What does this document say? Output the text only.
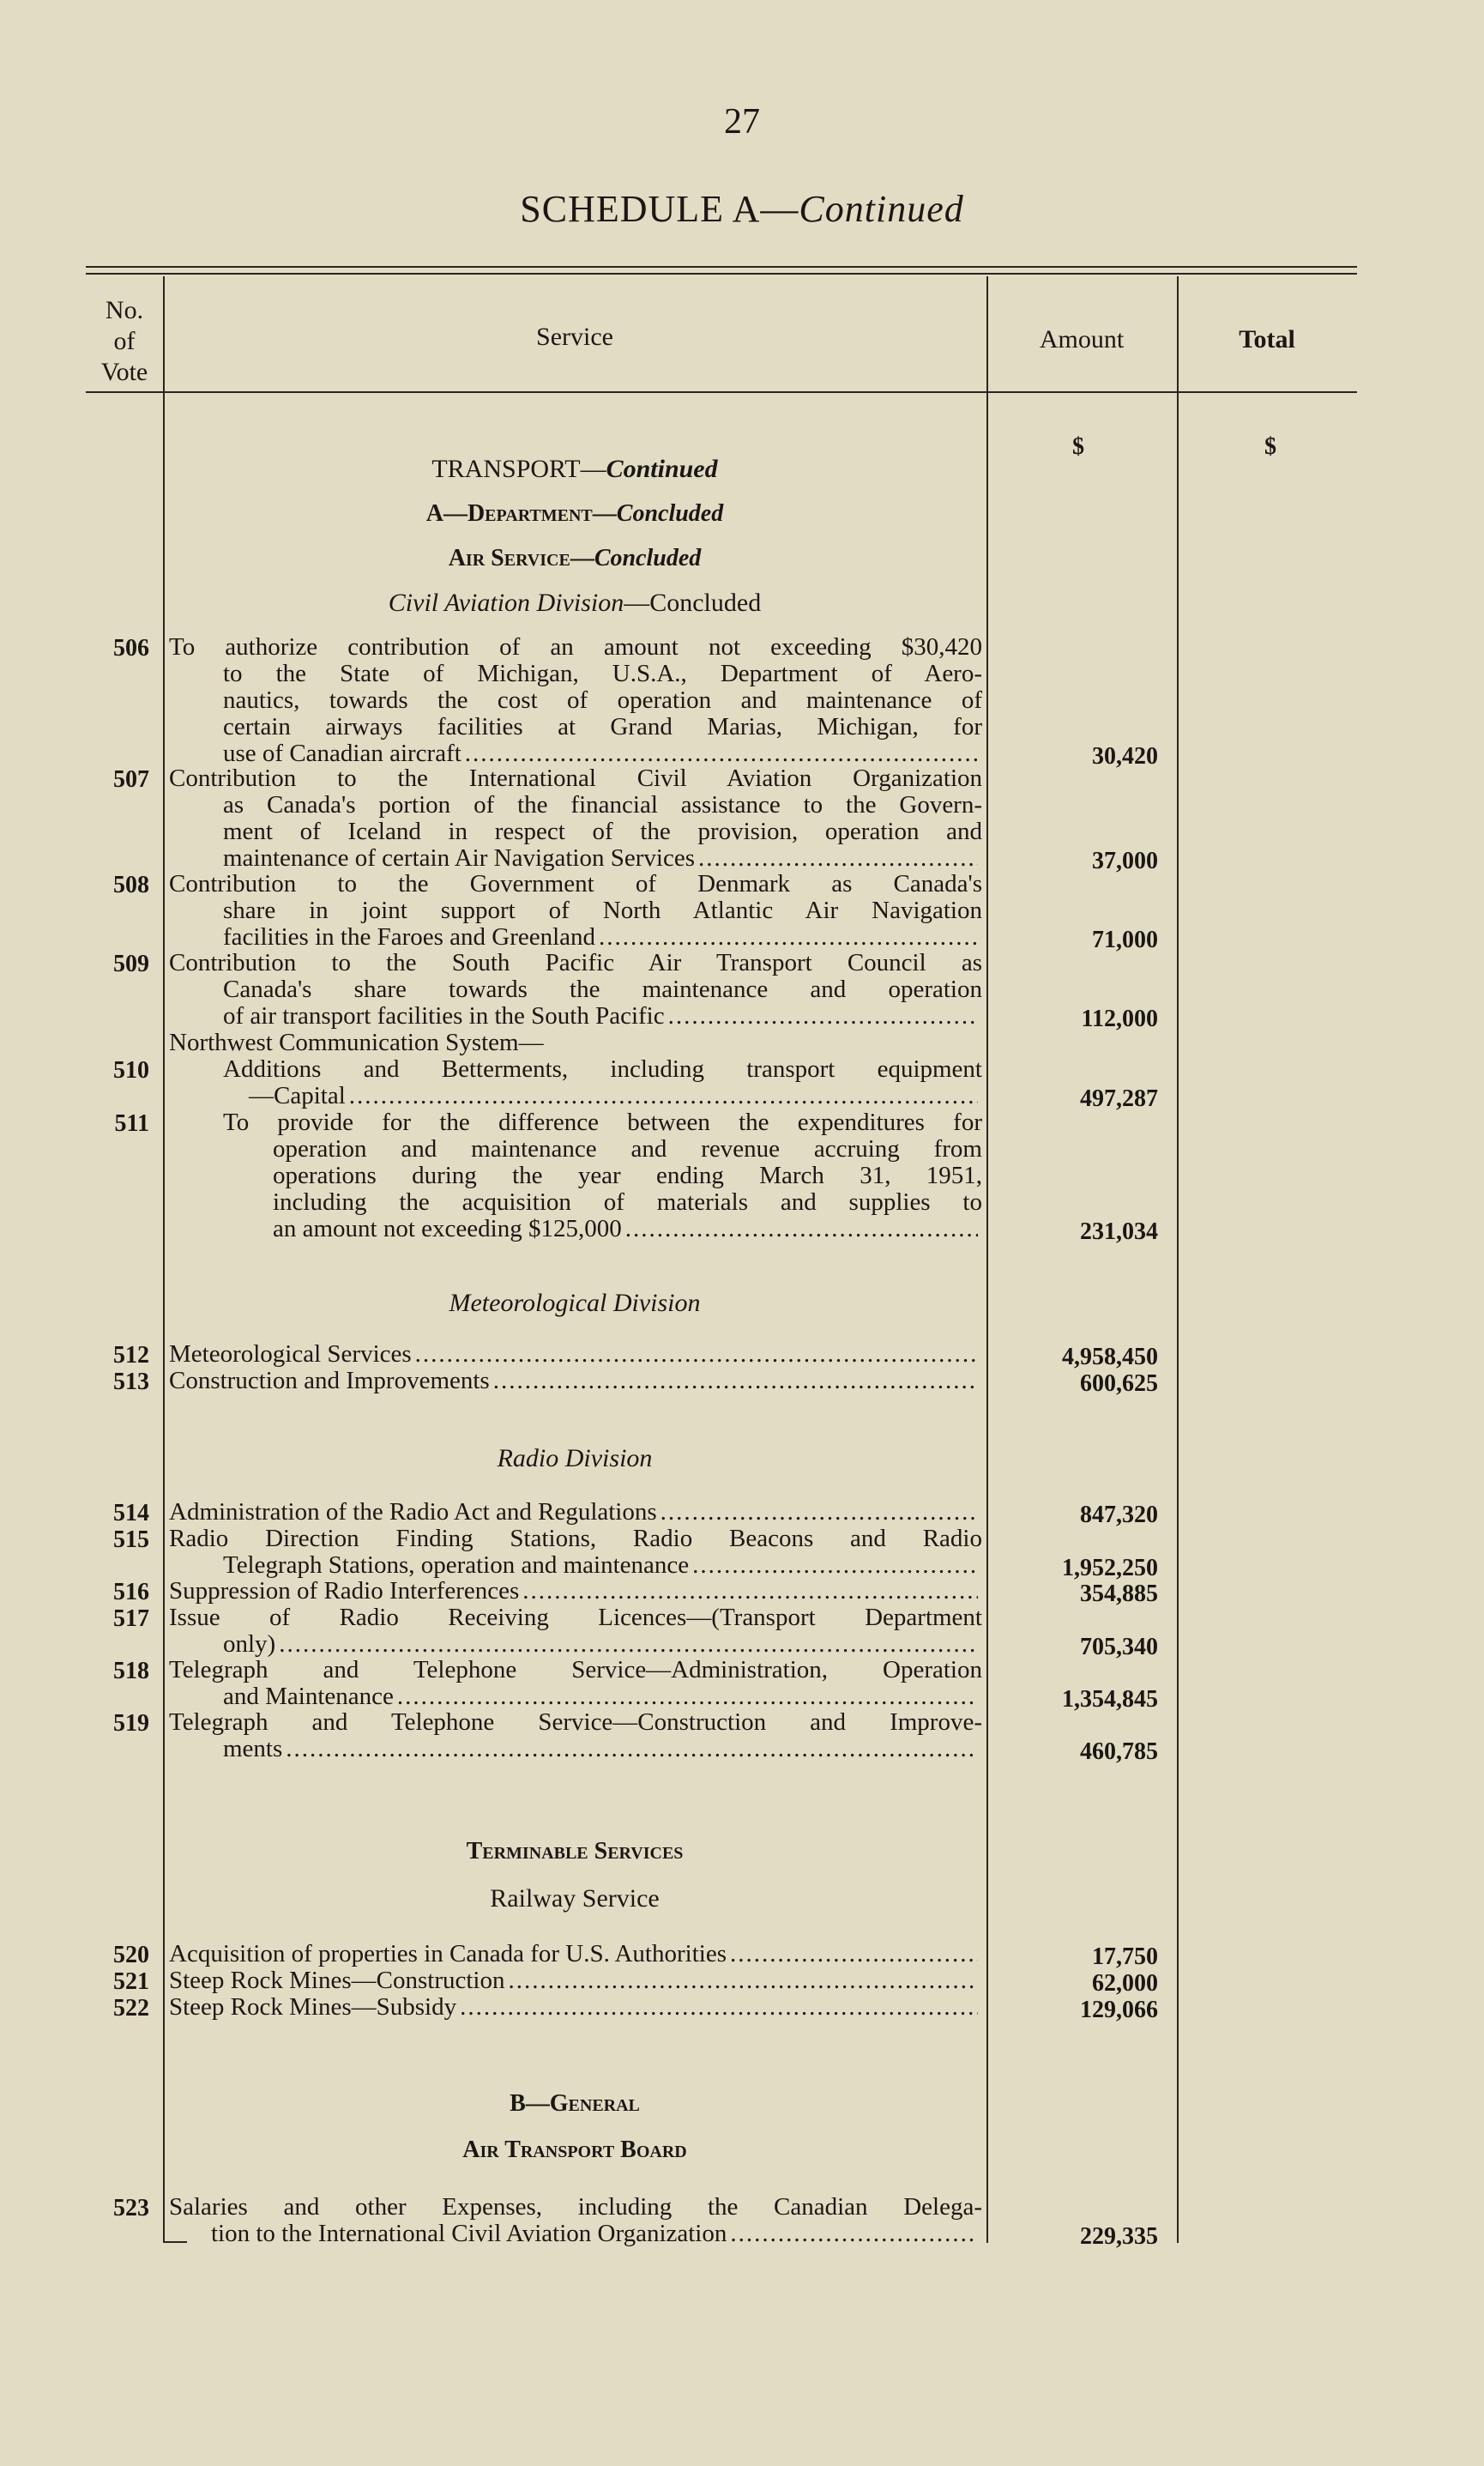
27
SCHEDULE A—Continued
No.
of
Vote
Service	Amount	Total
$	$
TRANSPORT—Continued
A—Department—Concluded
Air Service—Concluded
Civil Aviation Division—Concluded
506 To authorize contribution of an amount not exceeding $30,420
to the State of Michigan, U.S.A., Department of Aero-
nautics, towards the cost of operation and maintenance of
certain airways facilities at Grand Marias, Michigan, for
use of Canadian aircraft .....	30,420
507 Contribution to the International Civil Aviation Organization
as Canada's portion of the financial assistance to the Govern-
ment of Iceland in respect of the provision, operation and
maintenance of certain Air Navigation Services .....	37,000
508 Contribution to the Government of Denmark as Canada's
share in joint support of North Atlantic Air Navigation
facilities in the Faroes and Greenland .....	71,000
509 Contribution to the South Pacific Air Transport Council as
Canada's share towards the maintenance and operation
of air transport facilities in the South Pacific .....	112,000
Northwest Communication System—
510	Additions and Betterments, including transport equipment
—Capital .....	497,287
511	To provide for the difference between the expenditures for
operation and maintenance and revenue accruing from
operations during the year ending March 31, 1951,
including the acquisition of materials and supplies to
an amount not exceeding $125,000 .....	231,034
Meteorological Division
512 Meteorological Services .....	4,958,450
513 Construction and Improvements .....	600,625
Radio Division
514 Administration of the Radio Act and Regulations .....	847,320
515 Radio Direction Finding Stations, Radio Beacons and Radio
Telegraph Stations, operation and maintenance .....	1,952,250
516 Suppression of Radio Interferences .....	354,885
517 Issue of Radio Receiving Licences—(Transport Department
only) .....	705,340
518 Telegraph and Telephone Service—Administration, Operation
and Maintenance .....	1,354,845
519 Telegraph and Telephone Service—Construction and Improve-
ments .....	460,785
Terminable Services
Railway Service
520 Acquisition of properties in Canada for U.S. Authorities .....	17,750
521 Steep Rock Mines—Construction .....	62,000
522 Steep Rock Mines—Subsidy .....	129,066
B—General
Air Transport Board
523 Salaries and other Expenses, including the Canadian Delega-
tion to the International Civil Aviation Organization .....	229,335
